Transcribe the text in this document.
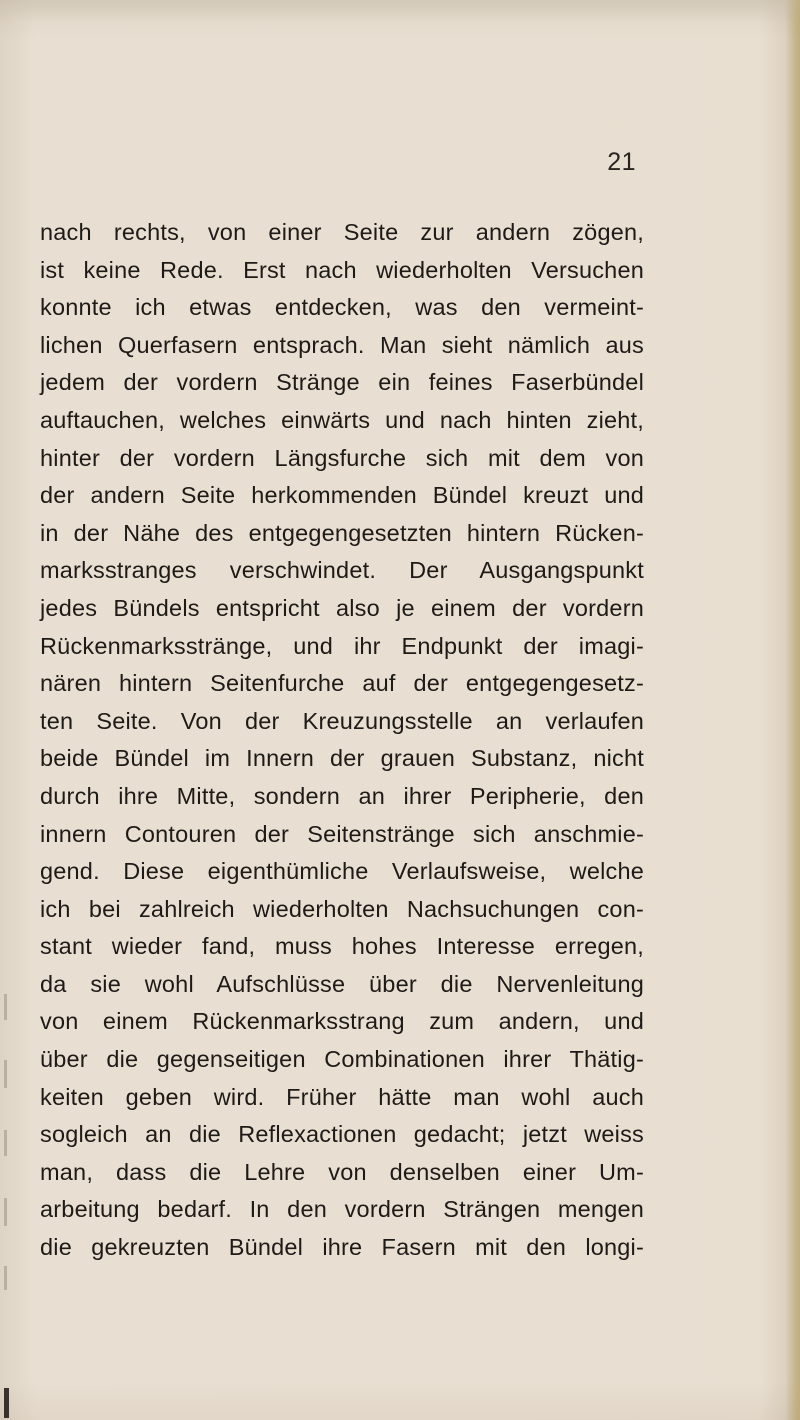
21
nach rechts, von einer Seite zur andern zögen,
ist keine Rede. Erst nach wiederholten Versuchen
konnte ich etwas entdecken, was den vermeint-
lichen Querfasern entsprach. Man sieht nämlich aus
jedem der vordern Stränge ein feines Faserbündel
auftauchen, welches einwärts und nach hinten zieht,
hinter der vordern Längsfurche sich mit dem von
der andern Seite herkommenden Bündel kreuzt und
in der Nähe des entgegengesetzten hintern Rücken-
marksstranges verschwindet. Der Ausgangspunkt
jedes Bündels entspricht also je einem der vordern
Rückenmarksstränge, und ihr Endpunkt der imagi-
nären hintern Seitenfurche auf der entgegengesetz-
ten Seite. Von der Kreuzungsstelle an verlaufen
beide Bündel im Innern der grauen Substanz, nicht
durch ihre Mitte, sondern an ihrer Peripherie, den
innern Contouren der Seitenstränge sich anschmie-
gend. Diese eigenthümliche Verlaufsweise, welche
ich bei zahlreich wiederholten Nachsuchungen con-
stant wieder fand, muss hohes Interesse erregen,
da sie wohl Aufschlüsse über die Nervenleitung
von einem Rückenmarksstrang zum andern, und
über die gegenseitigen Combinationen ihrer Thätig-
keiten geben wird. Früher hätte man wohl auch
sogleich an die Reflexactionen gedacht; jetzt weiss
man, dass die Lehre von denselben einer Um-
arbeitung bedarf. In den vordern Strängen mengen
die gekreuzten Bündel ihre Fasern mit den longi-
